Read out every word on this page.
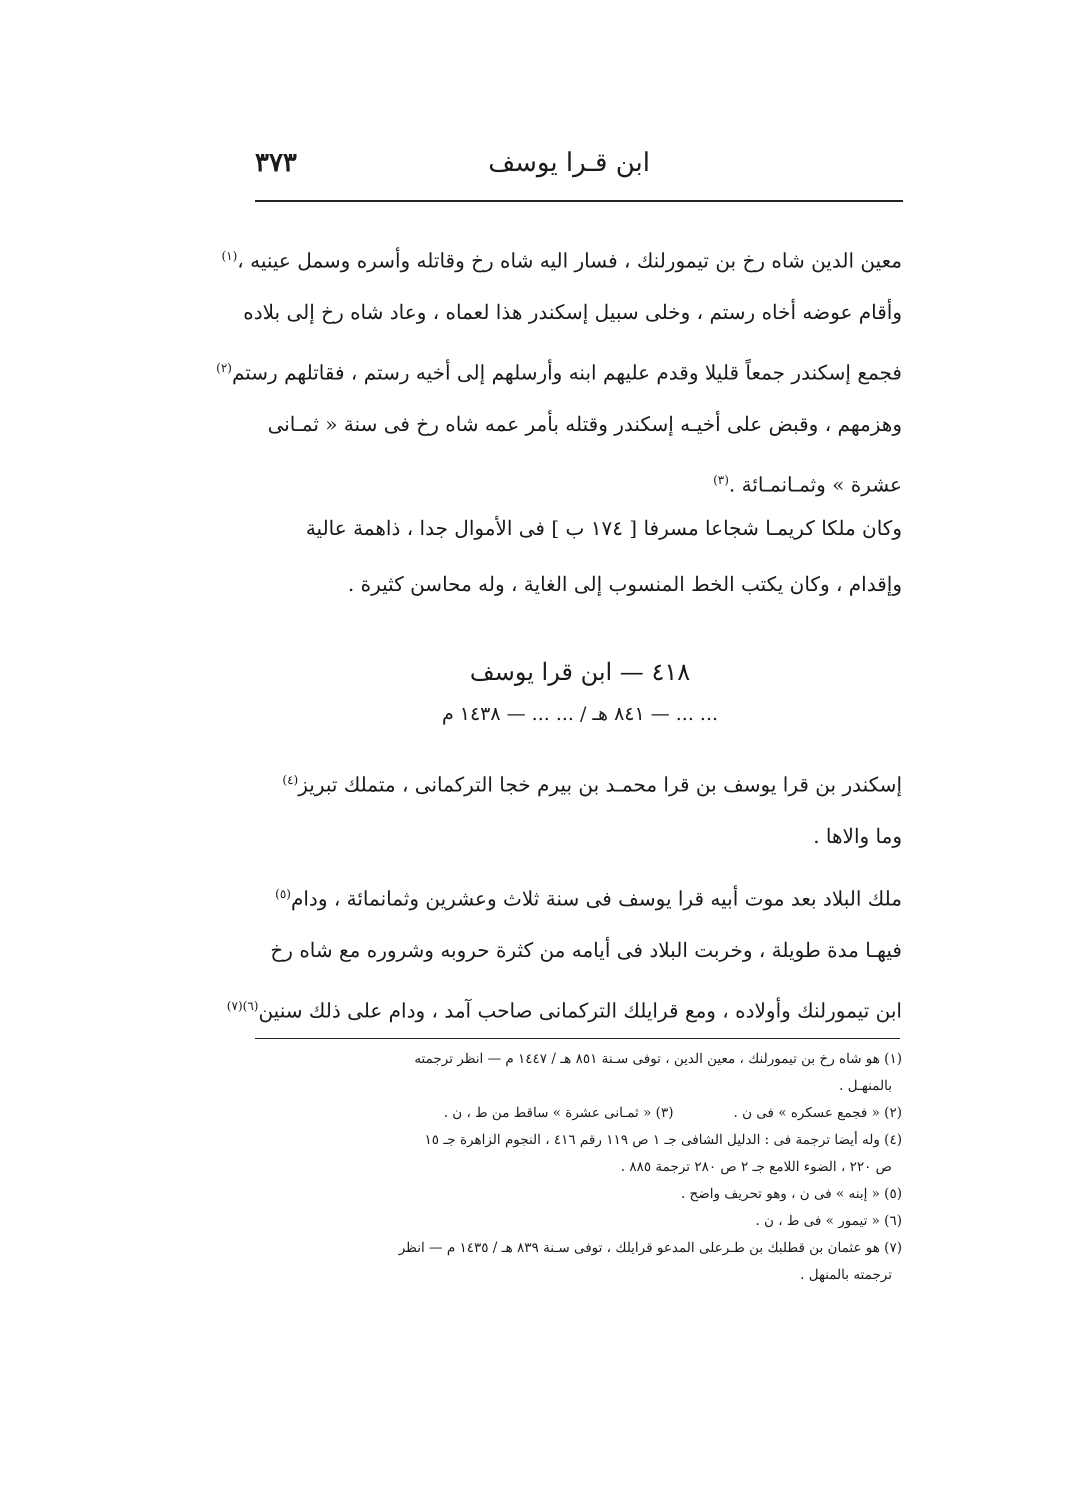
٣٧٣	ابن قـرا يوسف
معين الدين شاه رخ بن تيمورلنك ، فسار اليه شاه رخ وقاتله وأسره وسمل عينيه ،$^{(١)}$
وأقام عوضه أخاه رستم ، وخلى سبيل إسكندر هذا لعماه ، وعاد شاه رخ إلى بلاده
فجمع إسكندر جمعاً قليلا وقدم عليهم ابنه وأرسلهم إلى أخيه رستم ، فقاتلهم رستم$^{(٢)}$
وهزمهم ، وقبض على أخيـه إسكندر وقتله بأمر عمه شاه رخ فى سنة « ثمـانى
عشرة » وثمـانمـائة .$^{(٣)}$
وكان ملكا كريمـا شجاعا مسرفا [ ١٧٤ ب ] فى الأموال جدا ، ذاهمة عالية
وإقدام ، وكان يكتب الخط المنسوب إلى الغاية ، وله محاسن كثيرة .
٤١٨ — ابن قرا يوسف
... ... — ٨٤١ هـ / ... ... — ١٤٣٨ م
إسكندر بن قرا يوسف بن قرا محمـد بن بيرم خجا التركمانى ، متملك تبريز$^{(٤)}$
وما والاها .
ملك البلاد بعد موت أبيه قرا يوسف فى سنة ثلاث وعشرين وثمانمائة ، ودام$^{(٥)}$
فيهـا مدة طويلة ، وخربت البلاد فى أيامه من كثرة حروبه وشروره مع شاه رخ
ابن تيمورلنك وأولاده ، ومع قرايلك التركمانى صاحب آمد ، ودام على ذلك سنين$^{(٦)(٧)}$
(١) هو شاه رخ بن تيمورلنك ، معين الدين ، توفى سـنة ٨٥١ هـ / ١٤٤٧ م — انظر ترجمته
بالمنهـل .
(٢) « فجمع عسكره » فى ن .
(٣) « ثمـانى عشرة » ساقط من ط ، ن .
(٤) وله أيضا ترجمة فى : الدليل الشافى جـ ١ ص ١١٩ رقم ٤١٦ ، النجوم الزاهرة جـ ١٥
ص ٢٢٠ ، الضوء اللامع جـ ٢ ص ٢٨٠ ترجمة ٨٨٥ .
(٥) « إبنه » فى ن ، وهو تحريف واضح .
(٦) « تيمور » فى ط ، ن .
(٧) هو عثمان بن قطلبك بن طـرعلى المدعو قرايلك ، توفى سـنة ٨٣٩ هـ / ١٤٣٥ م — انظر
ترجمته بالمنهل .
